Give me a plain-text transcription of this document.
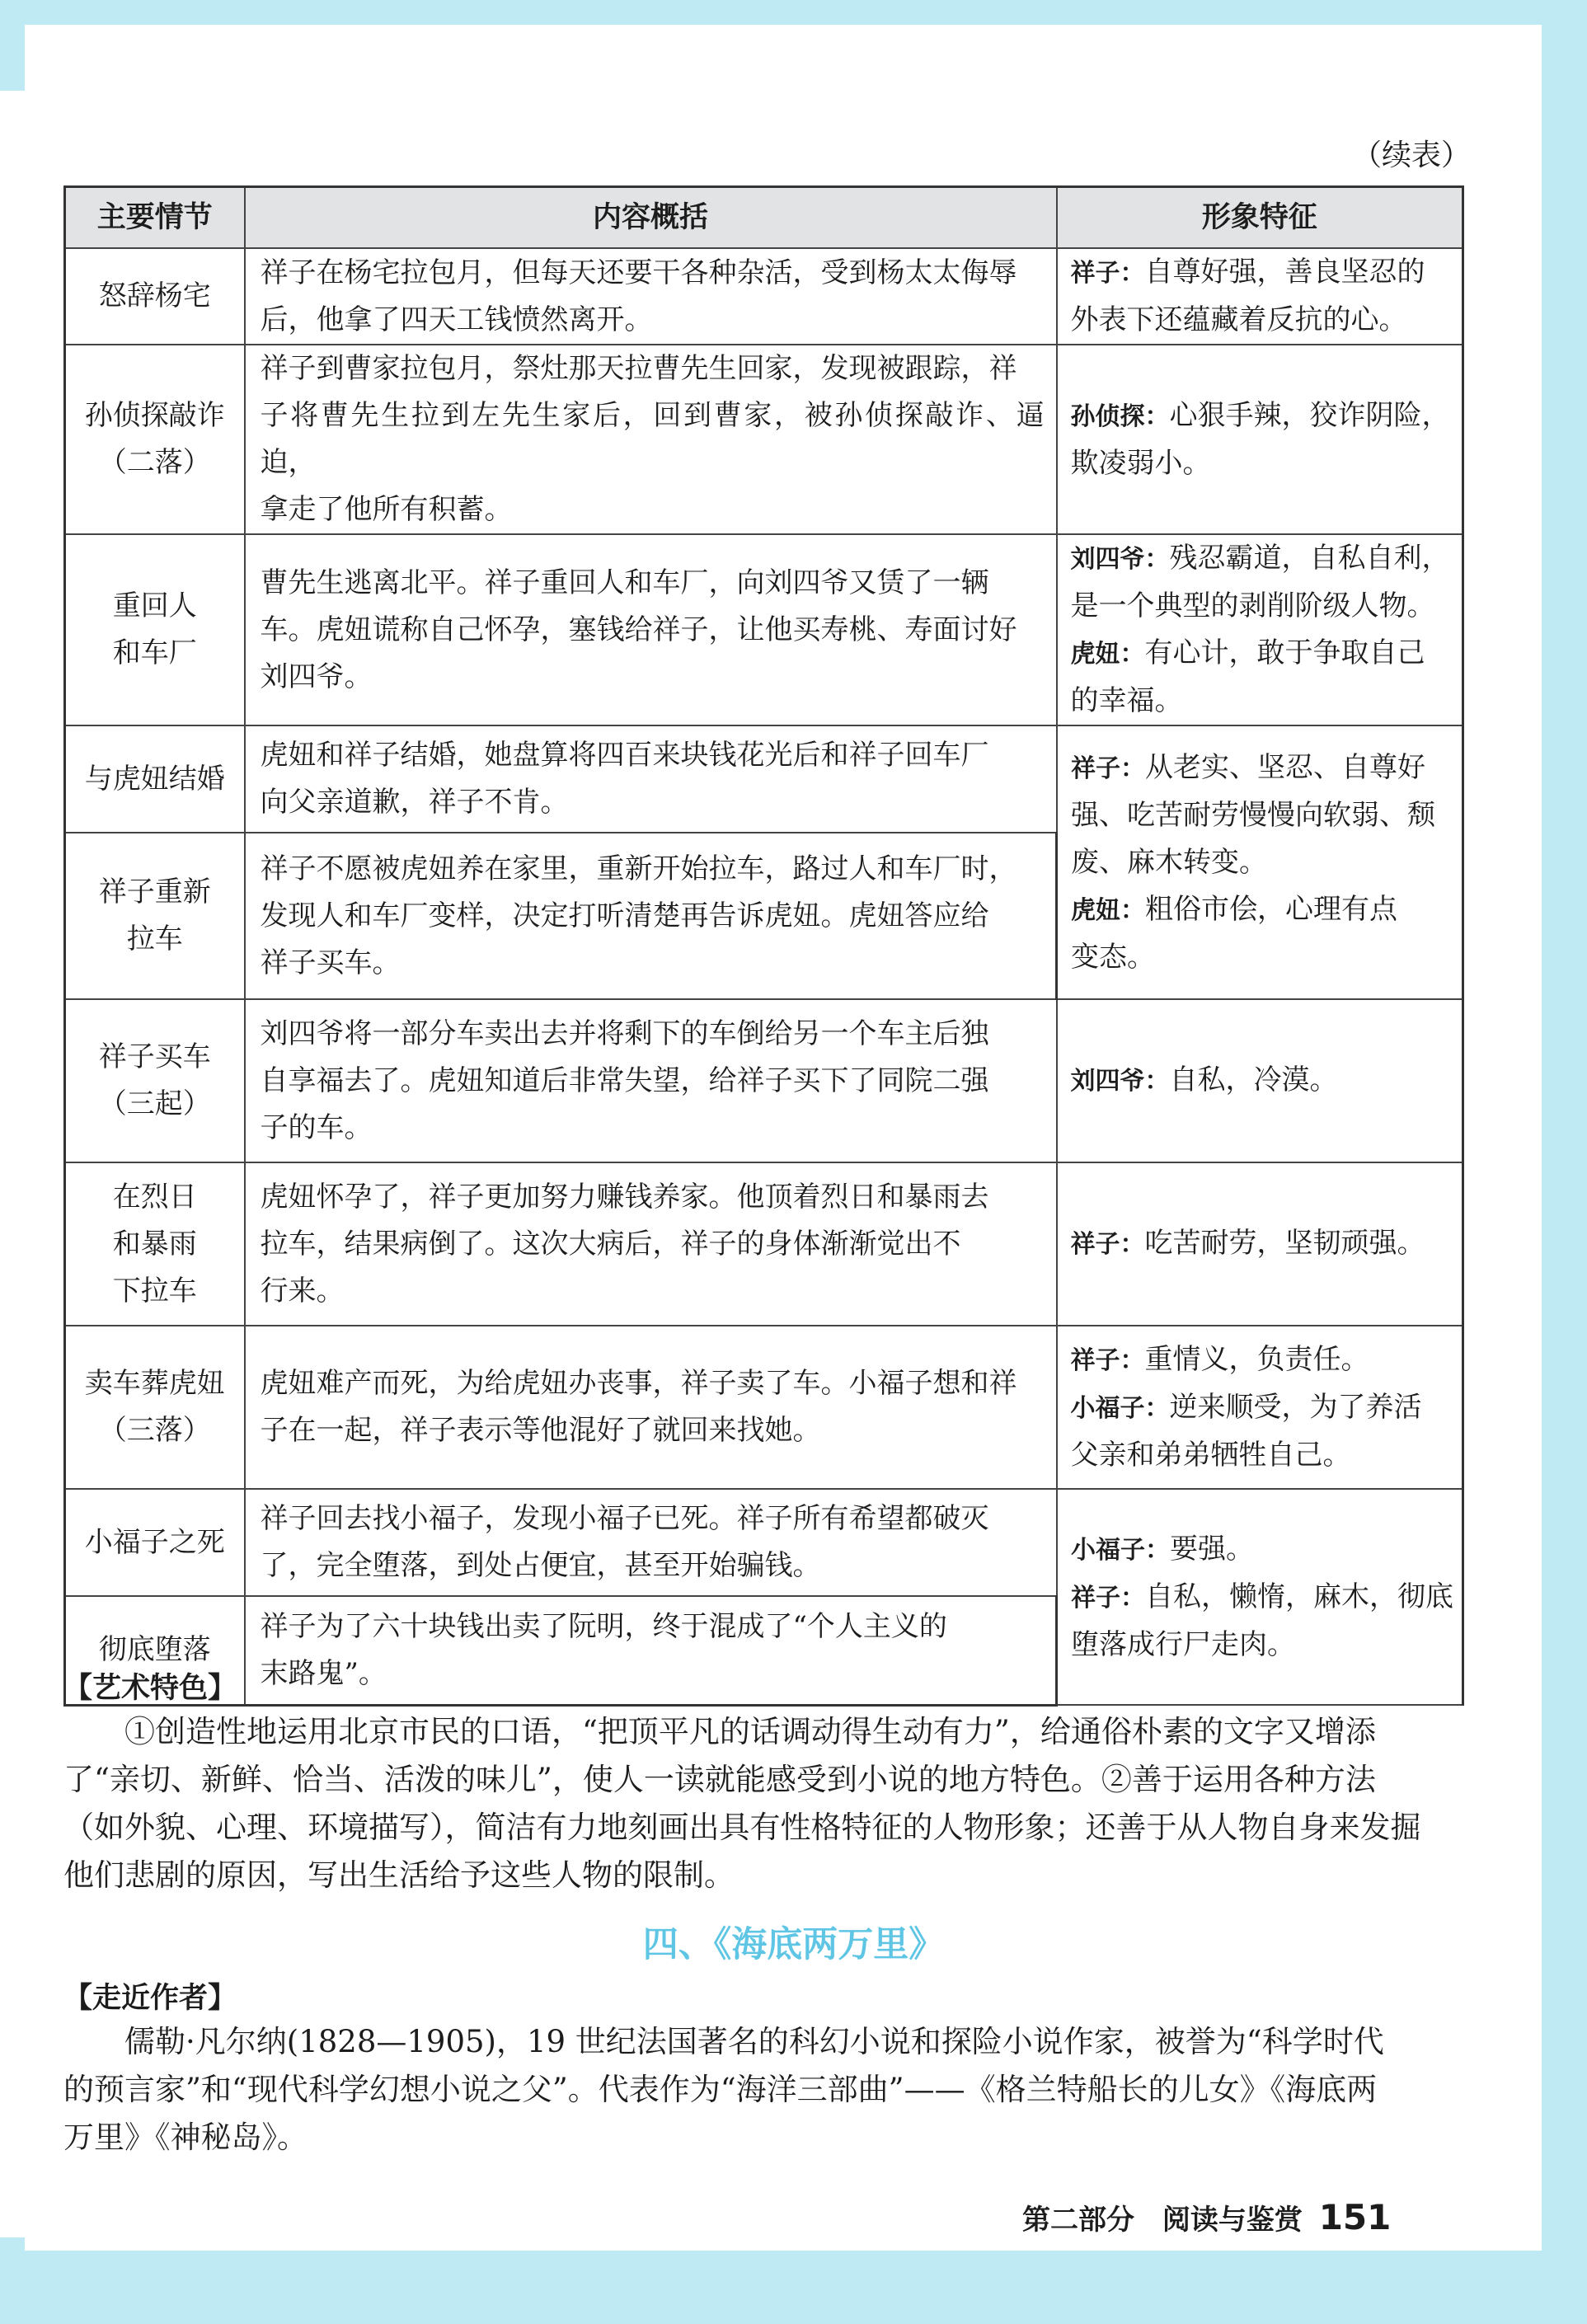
（续表）
主要情节	内容概括	形象特征

怒辞杨宅	祥子在杨宅拉包月，但每天还要干各种杂活，受到杨太太侮辱
后，他拿了四天工钱愤然离开。	祥子：自尊好强，善良坚忍的
外表下还蕴藏着反抗的心。

孙侦探敲诈
（二落）	祥子到曹家拉包月，祭灶那天拉曹先生回家，发现被跟踪，祥
子将曹先生拉到左先生家后，回到曹家，被孙侦探敲诈、逼迫，
拿走了他所有积蓄。	孙侦探：心狠手辣，狡诈阴险，
欺凌弱小。

重回人
和车厂	曹先生逃离北平。祥子重回人和车厂，向刘四爷又赁了一辆
车。虎妞谎称自己怀孕，塞钱给祥子，让他买寿桃、寿面讨好
刘四爷。	刘四爷：残忍霸道，自私自利，
是一个典型的剥削阶级人物。
虎妞：有心计，敢于争取自己
的幸福。

与虎妞结婚	虎妞和祥子结婚，她盘算将四百来块钱花光后和祥子回车厂
向父亲道歉，祥子不肯。	祥子：从老实、坚忍、自尊好
强、吃苦耐劳慢慢向软弱、颓
废、麻木转变。
虎妞：粗俗市侩，心理有点
变态。

祥子重新
拉车	祥子不愿被虎妞养在家里，重新开始拉车，路过人和车厂时，
发现人和车厂变样，决定打听清楚再告诉虎妞。虎妞答应给
祥子买车。	

祥子买车
（三起）	刘四爷将一部分车卖出去并将剩下的车倒给另一个车主后独
自享福去了。虎妞知道后非常失望，给祥子买下了同院二强
子的车。	刘四爷：自私，冷漠。

在烈日
和暴雨
下拉车	虎妞怀孕了，祥子更加努力赚钱养家。他顶着烈日和暴雨去
拉车，结果病倒了。这次大病后，祥子的身体渐渐觉出不
行来。	祥子：吃苦耐劳，坚韧顽强。

卖车葬虎妞
（三落）	虎妞难产而死，为给虎妞办丧事，祥子卖了车。小福子想和祥
子在一起，祥子表示等他混好了就回来找她。	祥子：重情义，负责任。
小福子：逆来顺受，为了养活
父亲和弟弟牺牲自己。

小福子之死	祥子回去找小福子，发现小福子已死。祥子所有希望都破灭
了，完全堕落，到处占便宜，甚至开始骗钱。	小福子：要强。
祥子：自私，懒惰，麻木，彻底
堕落成行尸走肉。

彻底堕落	祥子为了六十块钱出卖了阮明，终于混成了“个人主义的
末路鬼”。	
【艺术特色】

①创造性地运用北京市民的口语，“把顶平凡的话调动得生动有力”，给通俗朴素的文字又增添
了“亲切、新鲜、恰当、活泼的味儿”，使人一读就能感受到小说的地方特色。②善于运用各种方法
（如外貌、心理、环境描写），简洁有力地刻画出具有性格特征的人物形象；还善于从人物自身来发掘
他们悲剧的原因，写出生活给予这些人物的限制。

四、《海底两万里》
【走近作者】

儒勒·凡尔纳(1828—1905)，19 世纪法国著名的科幻小说和探险小说作家，被誉为“科学时代
的预言家”和“现代科学幻想小说之父”。代表作为“海洋三部曲”——《格兰特船长的儿女》《海底两
万里》《神秘岛》。

第二部分 阅读与鉴赏 151
